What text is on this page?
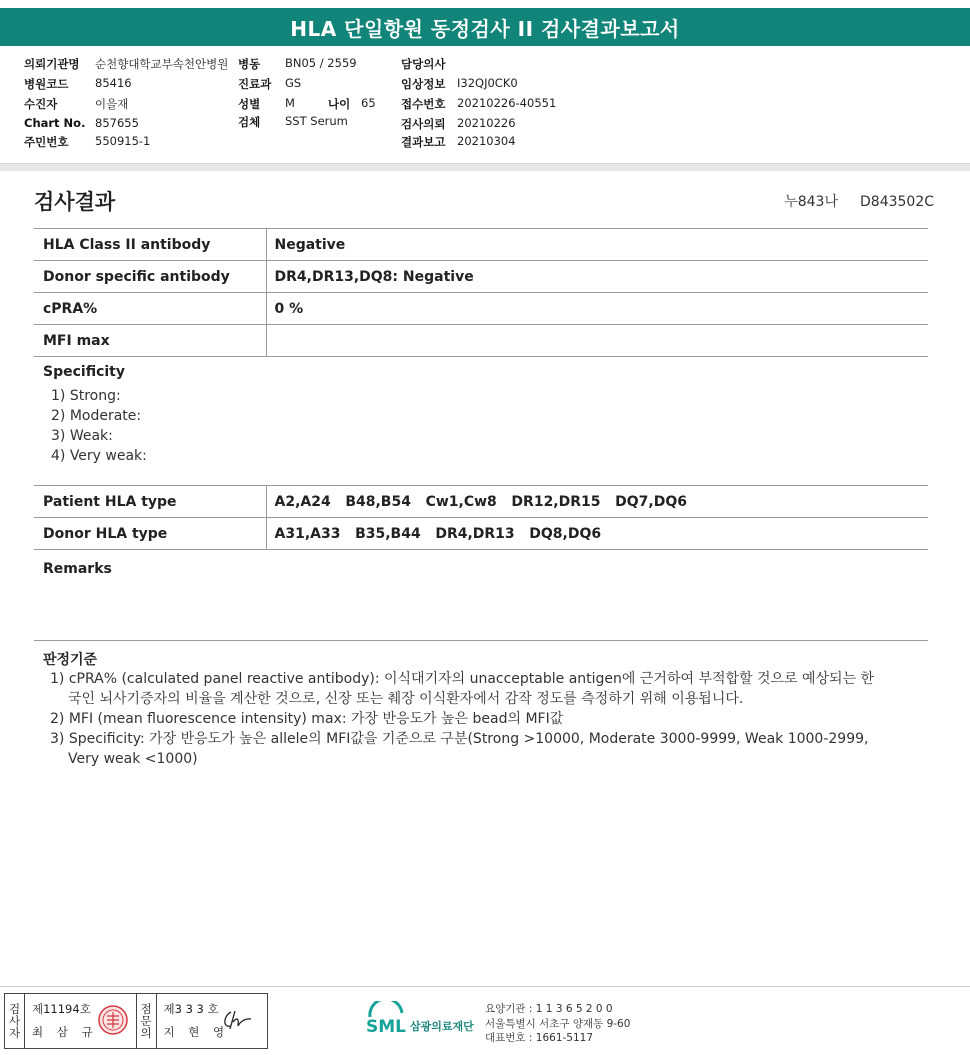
HLA 단일항원 동정검사 II 검사결과보고서
의뢰기관명 순천향대학교부속천안병원
병원코드 85416
수진자	이을재
Chart No. 857655
주민번호 550915-1
병동 BN05 / 2559
진료과 GS
성별 M	나이 65
검체 SST Serum
담당의사
임상정보 I32QJ0CK0
접수번호 20210226-40551
검사의뢰 20210226
결과보고 20210304
검사결과	누843나 D843502C
HLA Class II antibody	Negative
Donor specific antibody	DR4,DR13,DQ8: Negative
cPRA%	0 %
MFI max	
Specificity
1) Strong:
2) Moderate:
3) Weak:
4) Very weak:
Patient HLA type	A2,A24   B48,B54   Cw1,Cw8   DR12,DR15   DQ7,DQ6
Donor HLA type	A31,A33   B35,B44   DR4,DR13   DQ8,DQ6
Remarks
판정기준
1) cPRA% (calculated panel reactive antibody): 이식대기자의 unacceptable antigen에 근거하여 부적합할 것으로 예상되는 한국인 뇌사기증자의 비율을 계산한 것으로, 신장 또는 췌장 이식환자에서 감작 정도를 측정하기 위해 이용됩니다.
2) MFI (mean fluorescence intensity) max: 가장 반응도가 높은 bead의 MFI값
3) Specificity: 가장 반응도가 높은 allele의 MFI값을 기준으로 구분(Strong >10000, Moderate 3000-9999, Weak 1000-2999, Very weak <1000)
검
사
자
제11194호
최 삼 규
점
문
의
제3 3 3 호
지 현 영	SML 삼광의료재단
요양기관 : 1 1 3 6 5 2 0 0
서울특별시 서초구 양재동 9-60
대표번호 : 1661-5117
